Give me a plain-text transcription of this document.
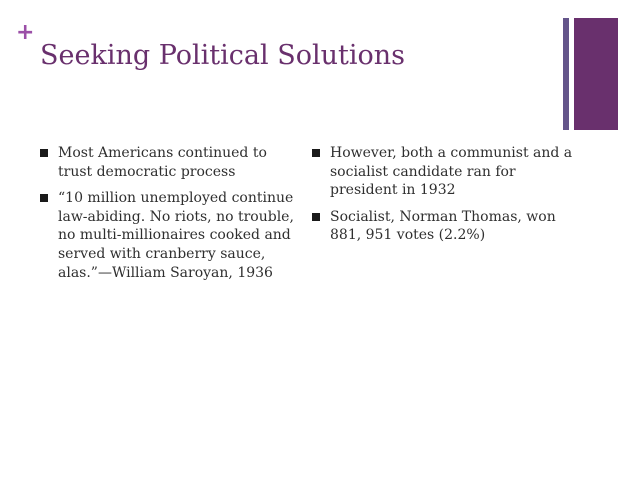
+
Seeking Political Solutions
Most Americans continued to trust democratic process
“10 million unemployed continue law-abiding. No riots, no trouble, no multi-millionaires cooked and served with cranberry sauce, alas.”—William Saroyan, 1936
However, both a communist and a socialist candidate ran for president in 1932
Socialist, Norman Thomas, won 881, 951 votes (2.2%)
